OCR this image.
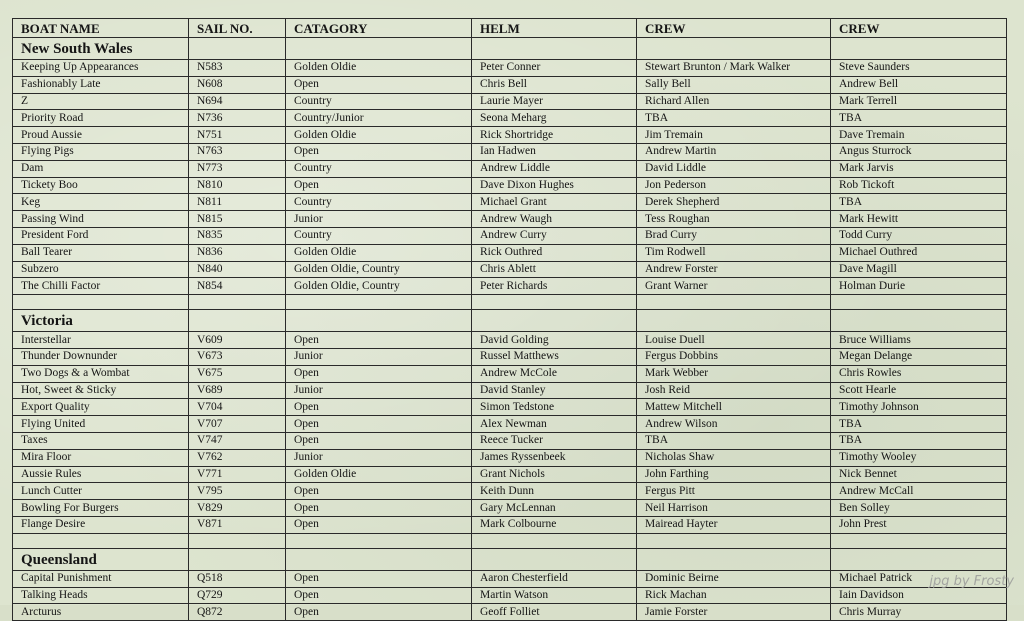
BOAT NAME	SAIL NO.	CATAGORY	HELM	CREW	CREW
New South Wales					
Keeping Up Appearances	N583	Golden Oldie	Peter Conner	Stewart Brunton / Mark Walker	Steve Saunders
Fashionably Late	N608	Open	Chris Bell	Sally Bell	Andrew Bell
Z	N694	Country	Laurie Mayer	Richard Allen	Mark Terrell
Priority Road	N736	Country/Junior	Seona Meharg	TBA	TBA
Proud Aussie	N751	Golden Oldie	Rick Shortridge	Jim Tremain	Dave Tremain
Flying Pigs	N763	Open	Ian Hadwen	Andrew Martin	Angus Sturrock
Dam	N773	Country	Andrew Liddle	David Liddle	Mark Jarvis
Tickety Boo	N810	Open	Dave Dixon Hughes	Jon Pederson	Rob Tickoft
Keg	N811	Country	Michael Grant	Derek Shepherd	TBA
Passing Wind	N815	Junior	Andrew Waugh	Tess Roughan	Mark Hewitt
President Ford	N835	Country	Andrew Curry	Brad Curry	Todd Curry
Ball Tearer	N836	Golden Oldie	Rick Outhred	Tim Rodwell	Michael Outhred
Subzero	N840	Golden Oldie, Country	Chris Ablett	Andrew Forster	Dave Magill
The Chilli Factor	N854	Golden Oldie, Country	Peter Richards	Grant Warner	Holman Durie

Victoria					
Interstellar	V609	Open	David Golding	Louise Duell	Bruce Williams
Thunder Downunder	V673	Junior	Russel Matthews	Fergus Dobbins	Megan Delange
Two Dogs & a Wombat	V675	Open	Andrew McCole	Mark Webber	Chris Rowles
Hot, Sweet & Sticky	V689	Junior	David Stanley	Josh Reid	Scott Hearle
Export Quality	V704	Open	Simon Tedstone	Mattew Mitchell	Timothy Johnson
Flying United	V707	Open	Alex Newman	Andrew Wilson	TBA
Taxes	V747	Open	Reece Tucker	TBA	TBA
Mira Floor	V762	Junior	James Ryssenbeek	Nicholas Shaw	Timothy Wooley
Aussie Rules	V771	Golden Oldie	Grant Nichols	John Farthing	Nick Bennet
Lunch Cutter	V795	Open	Keith Dunn	Fergus Pitt	Andrew McCall
Bowling For Burgers	V829	Open	Gary McLennan	Neil Harrison	Ben Solley
Flange Desire	V871	Open	Mark Colbourne	Mairead Hayter	John Prest

Queensland					
Capital Punishment	Q518	Open	Aaron Chesterfield	Dominic Beirne	Michael Patrick
Talking Heads	Q729	Open	Martin Watson	Rick Machan	Iain Davidson
Arcturus	Q872	Open	Geoff Folliet	Jamie Forster	Chris Murray
jpg by Frosty
